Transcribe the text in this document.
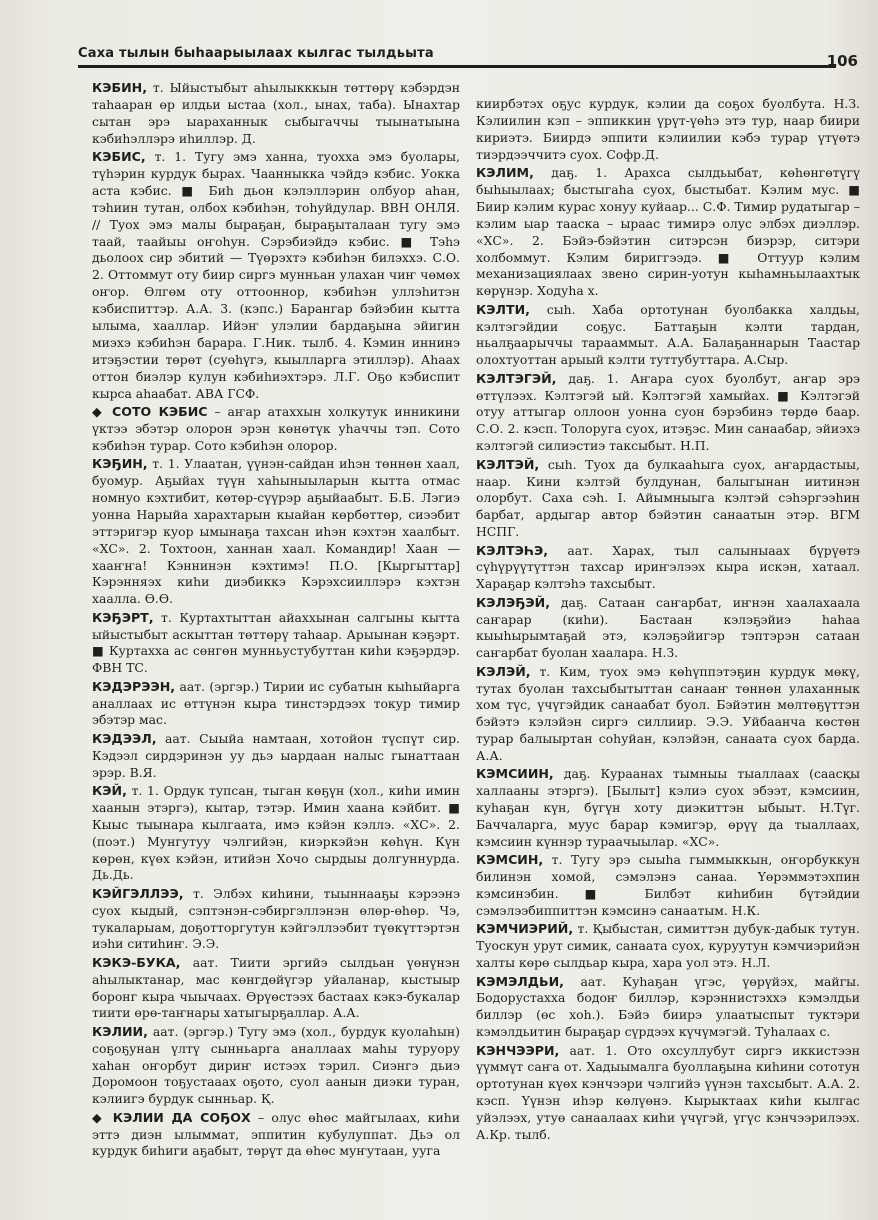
Саха тылын быһаарыылаах кылгас тылдьыта	106

КЭБИН, т. Ыйыстыбыт аһылыкккын төттөрү кэбэрдэн таһааран өр илдьи ыстаа (хол., ынах, таба). Ынахтар сытан эрэ ыараханнык сыбыгаччы тыынатыына кэбиһэллэрэ иһиллэр. Д.

КЭБИС, т. 1. Тугу эмэ ханна, туохха эмэ буолары, түһэрин курдук быраx. Чаанныкка чэйдэ кэбис. Уокка аста кэбис. ■ Биһ дьон кэлэллэрин олбуор аһан, тэһиин тутан, олбох кэбиһэн, тоһуйдулар. ВВН ОНЛЯ. // Туох эмэ малы быраҕан, быраҕыталаан тугу эмэ таай, таайыы оҥоһун. Сэрэбиэйдэ кэбис. ■ Тэһэ дьолоох сир эбитий — Түөрэхтэ кэбиһэн билэххэ. С.О. 2. Оттоммут оту биир сиргэ мунньан улахан чиҥ чөмөх оҥор. Өлгөм оту оттооннор, кэбиһэн уллэһитэн кэбиспиттэр. А.А. 3. (кэпс.) Барангар бэйэбин кытта ылыма, хааллар. Ийэҥ улэлии бардаҕына эйигин миэхэ кэбиһэн барара. Г.Ник. тылб. 4. Кэмин иннинэ итэҕэстии төрөт (суөһүгэ, кыылларга этиллэр). Аһаах оттон биэлэр кулун кэбиһиэхтэрэ. Л.Г. Оҕо кэбиспит кырса аһаабат. АВА ГСФ.

◆ СОТО КЭБИС – аҥар атаххын холкутук инникини үктээ эбэтэр олорон эрэн көнөтүк уһаччы тэп. Сото кэбиһэн турар. Сото кэбиһэн олорор.

КЭҔИН, т. 1. Улаатан, үүнэн-сайдан иһэн төннөн хаал, буомур. Аҕыйах түүн хаһыныыларын кытта отмас номнуо кэхтибит, көтөр-сүүрэр аҕыйаабыт. Б.Б. Лэгиэ уонна Нарыйа хараxтарын кыайан көрбөттөр, сиээбит эттэригэр куор ымынаҕа тахсан иһэн кэхтэн хаалбыт. «ХС». 2. Тохтоон, ханнан хаал. Командир! Хаан — хааҥҥа! Кэннинэн кэхтимэ! П.О. [Кыргыттар] Кэрэнняэх киһи диэбиккэ Кэрэхсииллэрэ кэхтэн хаалла. Ө.Ө.

КЭҔЭРТ, т. Куртахтыттан айаххынан салгыны кытта ыйыстыбыт аскыттан төттөрү таһаар. Арыынан кэҕэрт. ■ Куртахха ас сөнгөн мунньустубуттан киһи кэҕэрдэр. ФВН ТС.

КЭДЭРЭЭН, аат. (эргэр.) Тирии ис субатын кыһыйарга аналлаах ис өттүнэн кыра тинстэрдээх токур тимир эбэтэр мас.

КЭДЭЭЛ, аат. Сыыйа намтаан, хотойон түспүт сир. Кэдээл сирдэринэн уу дьэ ыардаан налыс гынаттаан эрэр. В.Я.

КЭЙ, т. 1. Ордук тупсан, тыган көҕүн (хол., киһи имин хаанын этэргэ), кытар, тэтэр. Имин хаана кэйбит. ■ Кыыс тыынара кылгаата, имэ кэйэн кэллэ. «ХС». 2. (поэт.) Мунгутуу чэлгийэн, киэркэйэн көһүн. Күн көрөн, күөх кэйэн, итийэн Хочо сырдыы долгуннурда. Дь.Дь.

КЭЙГЭЛЛЭЭ, т. Элбэх киһини, тыыннааҕы кэрээнэ суох кыдый, сэптэнэн-сэбиргэллэнэн өлөр-өһөр. Чэ, тукаларыам, доҕотторгутун кэйгэллээбит түөкүттэртэн иэһи ситиһиҥ. Э.Э.

КЭКЭ-БУКА, аат. Тиити эргийэ сылдьан үөнүнэн аһылыктанар, мас көнгдөйүгэр уйаланар, кыстыыр боронг кыра чыычаах. Өрүөстээх бастаах кэкэ-букалар тиити өрө-таҥнары хатыгырҕаллар. А.А.

КЭЛИИ, аат. (эргэр.) Тугу эмэ (хол., бурдук куолаһын) соҕоҕунан үлтү сынньарга аналлаах маһы туруору хаһан оҥорбут дириҥ истээх тэрил. Сиэнгэ дьиэ Доромоон тоҕустааах оҕото, суол аанын диэки туран, кэлиигэ бурдук сынньар. Қ.

◆ КЭЛИИ ДА СОҔОХ – олус өһөс майгылаах, киһи эттэ диэн ылыммат, эппитин кубулуппат. Дьэ ол курдук биһиги аҕабыт, төрүт да өһөс муҥутаан, ууга

киирбэтэх оҕус курдук, кэлии да соҕох буолбута. Н.З. Кэлиилин кэп – эппиккин үрүт-үөһэ этэ тур, наар биири кириэтэ. Биирдэ эппити кэлиилии кэбэ турар үтүөтэ тиэрдээччитэ суох. Софр.Д.

КЭЛИМ, даҕ. 1. Араxса сылдьыбат, көһөнгөтүгү быһыылаах; быстыгаһа суох, быстыбат. Кэлим мус. ■ Биир кэлим курас хонуу куйаар... С.Ф. Тимир рудатыгар – кэлим ыар тааска – ыраас тимирэ олус элбэх диэллэр. «ХС». 2. Бэйэ-бэйэтин ситэрсэн биэрэр, ситэри холбоммут. Кэлим бириггээдэ. ■ Оттуур кэлим механизациялаах звено сирин-уотун кыһамньылаахтык көрүнэр. Ходуһа х.

КЭЛТИ, сыһ. Хаба ортотунан буолбакка халдьы, кэлтэгэйдии соҕус. Баттаҕын кэлти тардан, ньалҕаарыччы тарааммыт. А.А. Балаҕаннарын Таастар олохтуоттан арыый кэлти туттубуттара. А.Сыр.

КЭЛТЭГЭЙ, даҕ. 1. Аҥара суох буолбут, аҥар эрэ өттүлээх. Кэлтэгэй ый. Кэлтэгэй хамыйах. ■ Кэлтэгэй отуу аттыгар оллоон уонна суон бэрэбинэ төрдө баар. С.О. 2. кэсп. Толоруга суох, итэҕэс. Мин санаабар, эйиэхэ кэлтэгэй силиэстиэ таксыбыт. Н.П.

КЭЛТЭЙ, сыһ. Туох да булкааһыга суох, аҥардастыы, наар. Кини кэлтэй булдунан, балыгынан иитинэн олорбут. Саха сэһ. І. Айымныыга кэлтэй сэһэргээһин барбат, ардыгар автор бэйэтин санаатын этэр. ВГМ НСПГ.

КЭЛТЭҺЭ, аат. Харах, тыл салыныаах бүрүөтэ сүһүрүүтүттэн тахсар ириҥэлээх кыра искэн, хатаал. Хараҕар кэлтэһэ тахсыбыт.

КЭЛЭҔЭЙ, даҕ. Сатаан саҥарбат, иҥнэн хаалахаала саҥарар (киһи). Бастаан кэлэҕэйиэ һаһаа кыыһырымтаҕай этэ, кэлэҕэйигэр тэптэрэн сатаан саҥарбат буолан хаалара. Н.З.

КЭЛЭЙ, т. Ким, туох эмэ көһүппэтэҕин курдук мөкү, тутах буолан тахсыбытыттан санааҥ төннөн улаханнык хом түс, үчүгэйдик санаабат буол. Бэйэтин мөлтөҕүттэн бэйэтэ кэлэйэн сиргэ силлиир. Э.Э. Уйбаанча көстөн турар балыыртан соһуйан, кэлэйэн, санаата суох барда. А.А.

КЭМСИИН, даҕ. Кураанах тымныы тыаллаах (саасқы халлааны этэргэ). [Былыт] кэлиэ суох эбээт, кэмсиин, куһаҕан күн, бүгүн хоту диэкиттэн ыбыыт. Н.Түг. Баччаларга, муус барар кэмигэр, өрүү да тыаллаах, кэмсиин күннэр тураачыылар. «ХС».

КЭМСИН, т. Тугу эрэ сыыһа гыммыккын, оҥорбуккун билинэн хомой, сэмэлэнэ санаа. Үөрэммэтэхпин кэмсинэбин. ■ Билбэт киһибин бүтэйдии сэмэлээбиппиттэн кэмсинэ санаатым. Н.К.

КЭМЧИЭРИЙ, т. Қыбыстан, симиттэн дубук-дабык тутун. Туоскун урут симик, санаата суох, куруутун кэмчиэрийэн халты көрө сылдьар кыра, хара уол этэ. Н.Л.

КЭМЭЛДЬИ, аат. Куһаҕан үгэс, үөрүйэх, майгы. Бодорустахха бодоҥ биллэр, кэрэннистэххэ кэмэлдьи биллэр (өс хоһ.). Бэйэ биирэ улаатыспыт туктэри кэмэлдьитин быраҕар сүрдээх күчүмэгэй. Туһалаах с.

КЭНЧЭЭРИ, аат. 1. Ото охсуллубут сиргэ иккистээн үүммүт саҥа от. Хадыымалга буоллаҕына киһини сототун ортотунан күөх кэнчээри чэлгийэ үүнэн тахсыбыт. А.А. 2. кэсп. Үүнэн иһэр көлүөнэ. Кырыктаах киһи кылгас уйэлээх, утуө санаалаах киһи үчүгэй, үгүс кэнчээрилээх. А.Кр. тылб.
